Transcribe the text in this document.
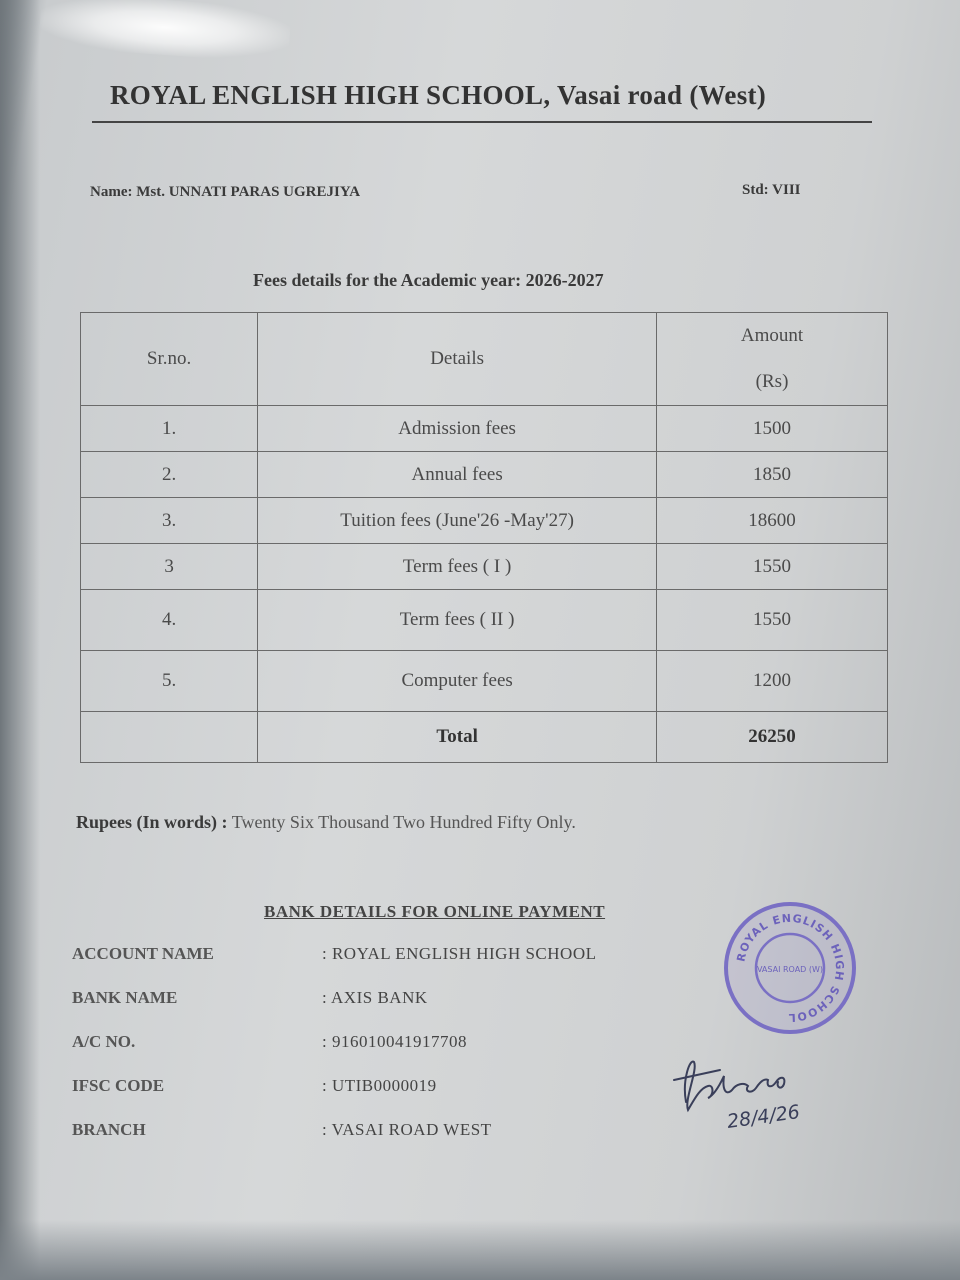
ROYAL ENGLISH HIGH SCHOOL, Vasai road (West)
Name: Mst. UNNATI PARAS UGREJIYA	Std: VIII
Fees details for the Academic year: 2026-2027
Sr.no.	Details	Amount
(Rs)

1.	Admission fees	1500
2.	Annual fees	1850
3.	Tuition fees (June'26 -May'27)	18600
3	Term fees ( I )	1550
4.	Term fees ( II )	1550
5.	Computer fees	1200
	Total	26250
Rupees (In words) : Twenty Six Thousand Two Hundred Fifty Only.
BANK DETAILS FOR ONLINE PAYMENT
ACCOUNT NAME	: ROYAL ENGLISH HIGH SCHOOL
BANK NAME	: AXIS BANK
A/C NO.	: 916010041917708
IFSC CODE	: UTIB0000019
BRANCH	: VASAI ROAD WEST
ROYAL ENGLISH HIGH SCHOOL
VASAI ROAD (W)
28/4/26
